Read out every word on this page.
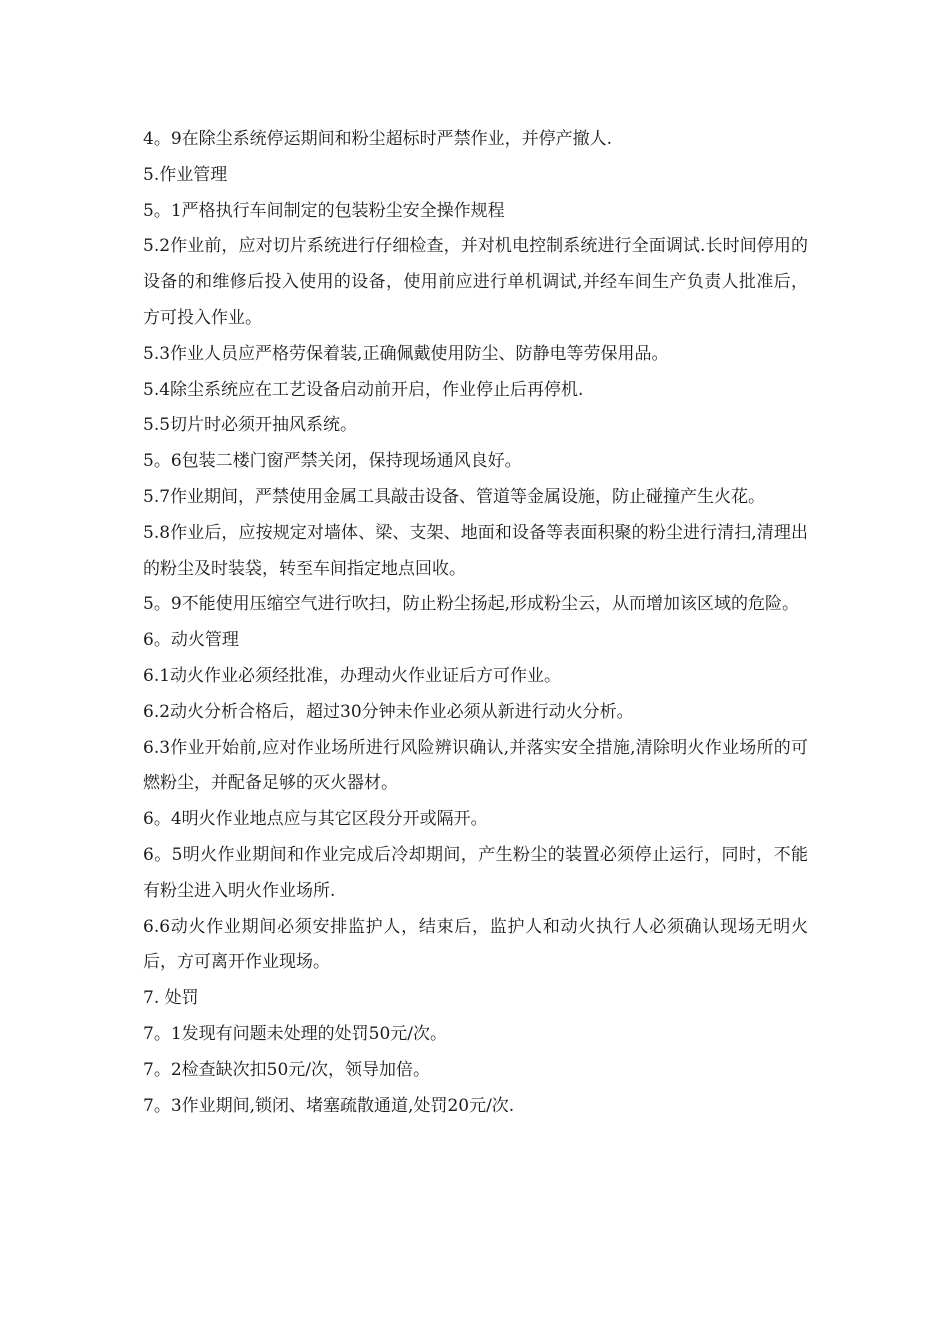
4。9在除尘系统停运期间和粉尘超标时严禁作业，并停产撤人.

5.作业管理

5。1严格执行车间制定的包装粉尘安全操作规程

5.2作业前，应对切片系统进行仔细检查，并对机电控制系统进行全面调试.长时间停用的设备的和维修后投入使用的设备，使用前应进行单机调试,并经车间生产负责人批准后，方可投入作业。

5.3作业人员应严格劳保着装,正确佩戴使用防尘、防静电等劳保用品。

5.4除尘系统应在工艺设备启动前开启，作业停止后再停机.

5.5切片时必须开抽风系统。

5。6包装二楼门窗严禁关闭，保持现场通风良好。

5.7作业期间，严禁使用金属工具敲击设备、管道等金属设施，防止碰撞产生火花。

5.8作业后，应按规定对墙体、梁、支架、地面和设备等表面积聚的粉尘进行清扫,清理出的粉尘及时装袋，转至车间指定地点回收。

5。9不能使用压缩空气进行吹扫，防止粉尘扬起,形成粉尘云，从而增加该区域的危险。

6。动火管理

6.1动火作业必须经批准，办理动火作业证后方可作业。

6.2动火分析合格后，超过30分钟未作业必须从新进行动火分析。

6.3作业开始前,应对作业场所进行风险辨识确认,并落实安全措施,清除明火作业场所的可燃粉尘，并配备足够的灭火器材。

6。4明火作业地点应与其它区段分开或隔开。

6。5明火作业期间和作业完成后冷却期间，产生粉尘的装置必须停止运行，同时，不能有粉尘进入明火作业场所.

6.6动火作业期间必须安排监护人，结束后，监护人和动火执行人必须确认现场无明火后，方可离开作业现场。

7. 处罚

7。1发现有问题未处理的处罚50元/次。

7。2检查缺次扣50元/次，领导加倍。

7。3作业期间,锁闭、堵塞疏散通道,处罚20元/次.
